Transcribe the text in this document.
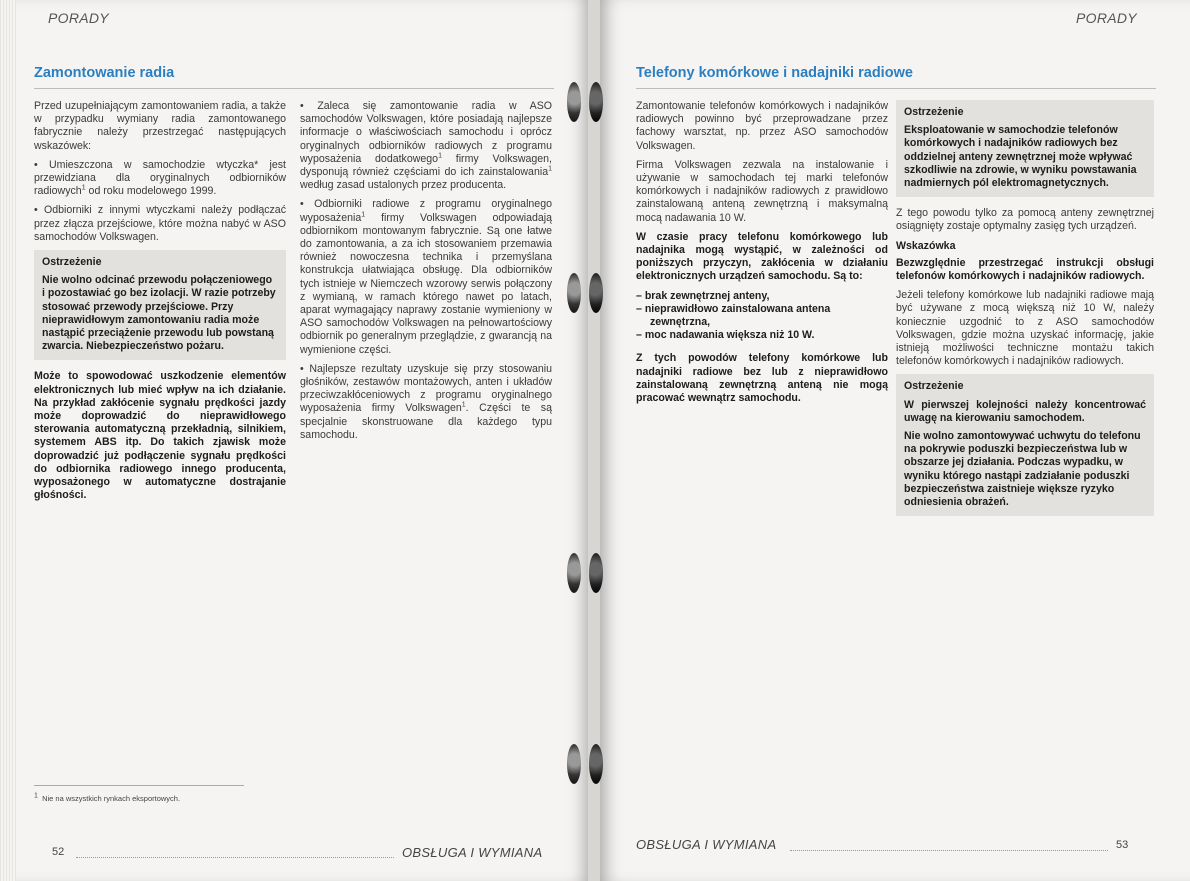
PORADY
Zamontowanie radia

Przed uzupełniającym zamontowaniem radia, a także w przypadku wymiany radia zamontowanego fabrycznie należy przestrzegać następujących wskazówek:

• Umieszczona w samochodzie wtyczka* jest przewidziana dla oryginalnych odbiorników radiowych$^1$ od roku modelowego 1999.

• Odbiorniki z innymi wtyczkami należy podłączać przez złącza przejściowe, które można nabyć w ASO samochodów Volkswagen.

Ostrzeżenie
Nie wolno odcinać przewodu połączeniowego i pozostawiać go bez izolacji. W razie potrzeby stosować przewody przejściowe. Przy nieprawidłowym zamontowaniu radia może nastąpić przeciążenie przewodu lub powstaną zwarcia. Niebezpieczeństwo pożaru.

Może to spowodować uszkodzenie elementów elektronicznych lub mieć wpływ na ich działanie. Na przykład zakłócenie sygnału prędkości jazdy może doprowadzić do nieprawidłowego sterowania automatyczną przekładnią, silnikiem, systemem ABS itp. Do takich zjawisk może doprowadzić już podłączenie sygnału prędkości do odbiornika radiowego innego producenta, wyposażonego w automatyczne dostrajanie głośności.

• Zaleca się zamontowanie radia w ASO samochodów Volkswagen, które posiadają najlepsze informacje o właściwościach samochodu i oprócz oryginalnych odbiorników radiowych z programu wyposażenia dodatkowego$^1$ firmy Volkswagen, dysponują również częściami do ich zainstalowania$^1$ według zasad ustalonych przez producenta.

• Odbiorniki radiowe z programu oryginalnego wyposażenia$^1$ firmy Volkswagen odpowiadają odbiornikom montowanym fabrycznie. Są one łatwe do zamontowania, a za ich stosowaniem przemawia również nowoczesna technika i przemyślana konstrukcja ułatwiająca obsługę. Dla odbiorników tych istnieje w Niemczech wzorowy serwis połączony z wymianą, w ramach którego nawet po latach, aparat wymagający naprawy zostanie wymieniony w ASO samochodów Volkswagen na pełnowartościowy odbiornik po generalnym przeglądzie, z gwarancją na wymienione części.

• Najlepsze rezultaty uzyskuje się przy stosowaniu głośników, zestawów montażowych, anten i układów przeciwzakłóceniowych z programu oryginalnego wyposażenia firmy Volkswagen$^1$. Części te są specjalnie skonstruowane dla każdego typu samochodu.

$^1$ Nie na wszystkich rynkach eksportowych.
52	OBSŁUGA I WYMIANA
PORADY
Telefony komórkowe i nadajniki radiowe

Zamontowanie telefonów komórkowych i nadajników radiowych powinno być przeprowadzane przez fachowy warsztat, np. przez ASO samochodów Volkswagen.

Firma Volkswagen zezwala na instalowanie i używanie w samochodach tej marki telefonów komórkowych i nadajników radiowych z prawidłowo zainstalowaną anteną zewnętrzną i maksymalną mocą nadawania 10 W.

W czasie pracy telefonu komórkowego lub nadajnika mogą wystąpić, w zależności od poniższych przyczyn, zakłócenia w działaniu elektronicznych urządzeń samochodu. Są to:

– brak zewnętrznej anteny,
– nieprawidłowo zainstalowana antena zewnętrzna,
– moc nadawania większa niż 10 W.

Z tych powodów telefony komórkowe lub nadajniki radiowe bez lub z nieprawidłowo zainstalowaną zewnętrzną anteną nie mogą pracować wewnątrz samochodu.

Ostrzeżenie
Eksploatowanie w samochodzie telefonów komórkowych i nadajników radiowych bez oddzielnej anteny zewnętrznej może wpływać szkodliwie na zdrowie, w wyniku powstawania nadmiernych pól elektromagnetycznych.

Z tego powodu tylko za pomocą anteny zewnętrznej osiągnięty zostaje optymalny zasięg tych urządzeń.

Wskazówka

Bezwzględnie przestrzegać instrukcji obsługi telefonów komórkowych i nadajników radiowych.

Jeżeli telefony komórkowe lub nadajniki radiowe mają być używane z mocą większą niż 10 W, należy koniecznie uzgodnić to z ASO samochodów Volkswagen, gdzie można uzyskać informację, jakie istnieją możliwości techniczne montażu takich telefonów komórkowych i nadajników radiowych.

Ostrzeżenie

W pierwszej kolejności należy koncentrować uwagę na kierowaniu samochodem.

Nie wolno zamontowywać uchwytu do telefonu na pokrywie poduszki bezpieczeństwa lub w obszarze jej działania. Podczas wypadku, w wyniku którego nastąpi zadziałanie poduszki bezpieczeństwa zaistnieje większe ryzyko odniesienia obrażeń.
OBSŁUGA I WYMIANA	53
